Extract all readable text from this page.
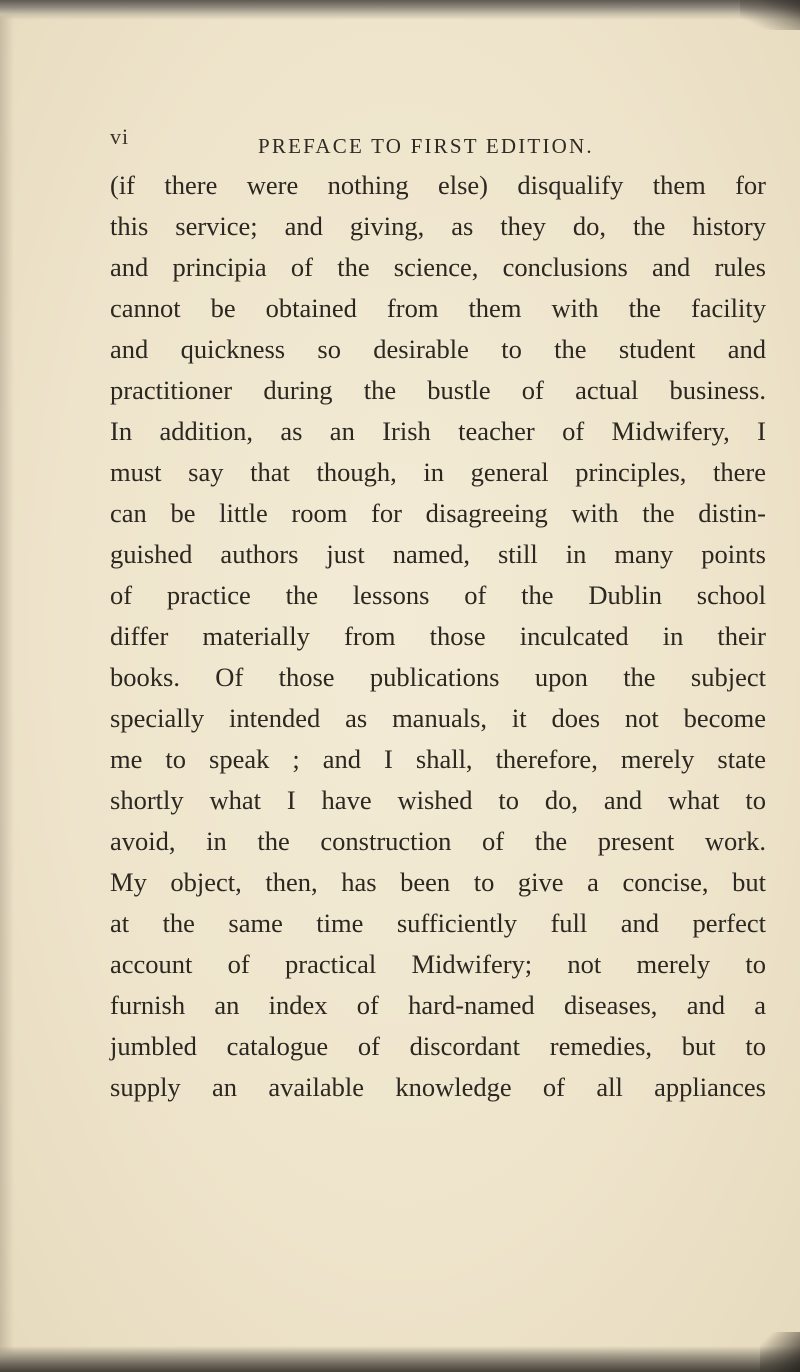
vi	PREFACE TO FIRST EDITION.
(if there were nothing else) disqualify them for
this service; and giving, as they do, the history
and principia of the science, conclusions and rules
cannot be obtained from them with the facility
and quickness so desirable to the student and
practitioner during the bustle of actual business.
In addition, as an Irish teacher of Midwifery, I
must say that though, in general principles, there
can be little room for disagreeing with the distin-
guished authors just named, still in many points
of practice the lessons of the Dublin school
differ materially from those inculcated in their
books. Of those publications upon the subject
specially intended as manuals, it does not become
me to speak ; and I shall, therefore, merely state
shortly what I have wished to do, and what to
avoid, in the construction of the present work.
My object, then, has been to give a concise, but
at the same time sufficiently full and perfect
account of practical Midwifery; not merely to
furnish an index of hard-named diseases, and a
jumbled catalogue of discordant remedies, but to
supply an available knowledge of all appliances
